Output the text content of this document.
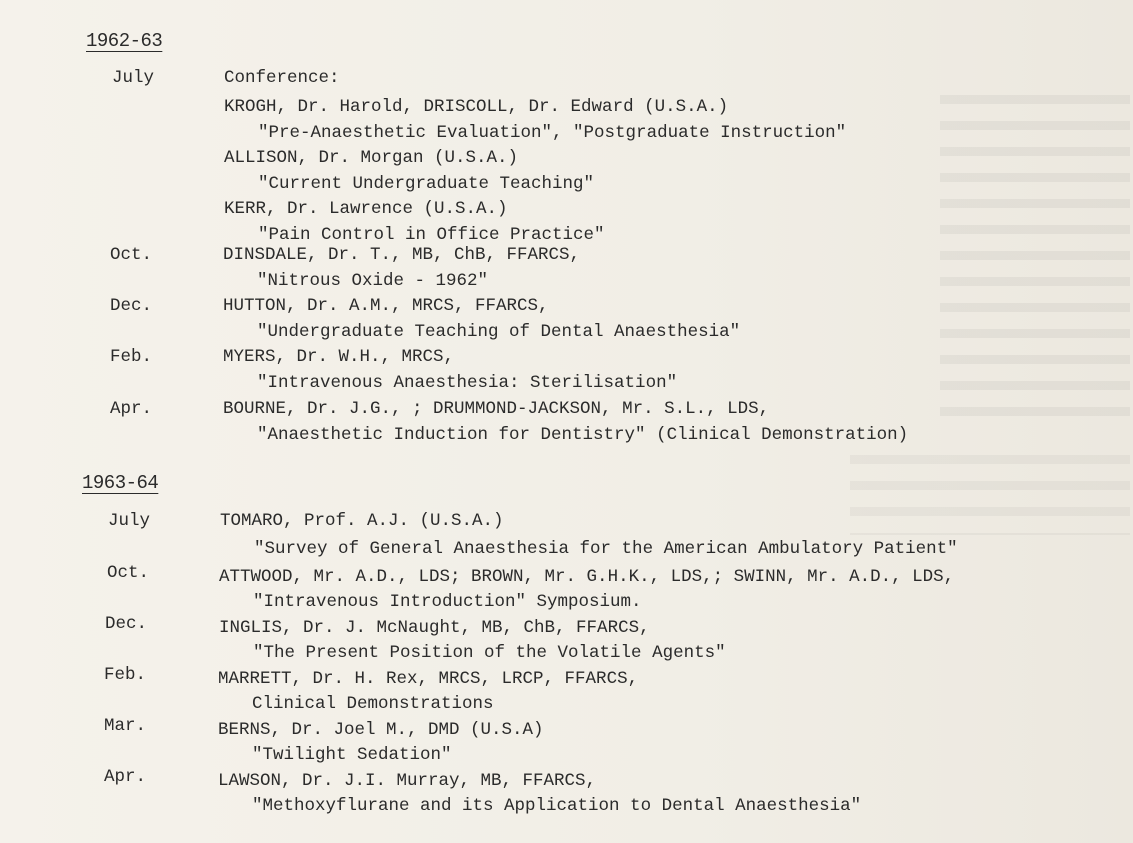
1962-63
July	Conference:
KROGH, Dr. Harold, DRISCOLL, Dr. Edward (U.S.A.)
"Pre-Anaesthetic Evaluation", "Postgraduate Instruction"
ALLISON, Dr. Morgan (U.S.A.)
"Current Undergraduate Teaching"
KERR, Dr. Lawrence (U.S.A.)
"Pain Control in Office Practice"
Oct.	DINSDALE, Dr. T., MB, ChB, FFARCS,
"Nitrous Oxide - 1962"
Dec.	HUTTON, Dr. A.M., MRCS, FFARCS,
"Undergraduate Teaching of Dental Anaesthesia"
Feb.	MYERS, Dr. W.H., MRCS,
"Intravenous Anaesthesia: Sterilisation"
Apr.	BOURNE, Dr. J.G., ; DRUMMOND-JACKSON, Mr. S.L., LDS,
"Anaesthetic Induction for Dentistry" (Clinical Demonstration)
1963-64
July	TOMARO, Prof. A.J. (U.S.A.)
"Survey of General Anaesthesia for the American Ambulatory Patient"
Oct.	ATTWOOD, Mr. A.D., LDS; BROWN, Mr. G.H.K., LDS,; SWINN, Mr. A.D., LDS,
"Intravenous Introduction" Symposium.
Dec.	INGLIS, Dr. J. McNaught, MB, ChB, FFARCS,
"The Present Position of the Volatile Agents"
Feb.	MARRETT, Dr. H. Rex, MRCS, LRCP, FFARCS,
Clinical Demonstrations
Mar.	BERNS, Dr. Joel M., DMD (U.S.A)
"Twilight Sedation"
Apr.	LAWSON, Dr. J.I. Murray, MB, FFARCS,
"Methoxyflurane and its Application to Dental Anaesthesia"
